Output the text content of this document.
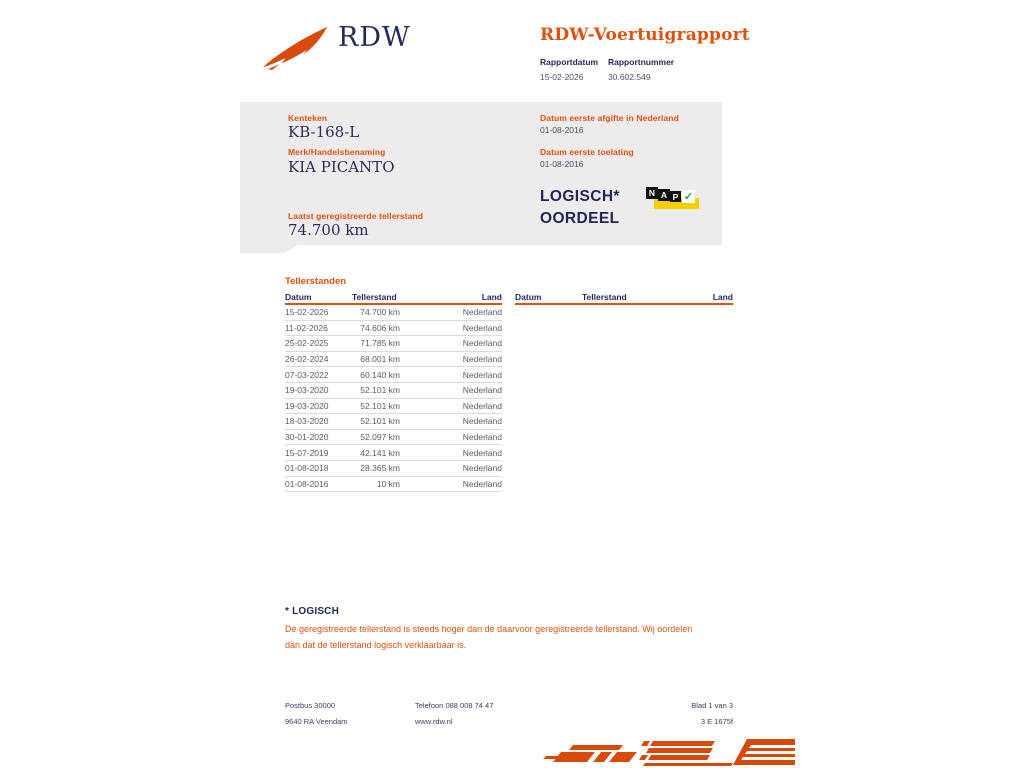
RDW	RDW-Voertuigrapport
Rapportdatum
15-02-2026
Rapportnummer
30.602.549
Kenteken
KB-168-L
Merk/Handelsbenaming
KIA PICANTO
Laatst geregistreerde tellerstand
74.700 km
Datum eerste afgifte in Nederland
01-08-2016
Datum eerste toelating
01-08-2016
LOGISCH*
OORDEEL
N A P ✓
Tellerstanden
Datum	Tellerstand	Land
15-02-2026	74.700 km	Nederland
11-02-2026	74.606 km	Nederland
25-02-2025	71.785 km	Nederland
26-02-2024	68.001 km	Nederland
07-03-2022	60.140 km	Nederland
19-03-2020	52.101 km	Nederland
19-03-2020	52.101 km	Nederland
18-03-2020	52.101 km	Nederland
30-01-2020	52.097 km	Nederland
15-07-2019	42.141 km	Nederland
01-08-2018	28.365 km	Nederland
01-08-2016	10 km	Nederland
Datum	Tellerstand	Land
* LOGISCH
De geregistreerde tellerstand is steeds hoger dan de daarvoor geregistreerde tellerstand. Wij oordelen dan dat de tellerstand logisch verklaarbaar is.
Postbus 30000
9640 RA Veendam
Telefoon 088 008 74 47
www.rdw.nl
Blad 1 van 3
3 E 1675f
